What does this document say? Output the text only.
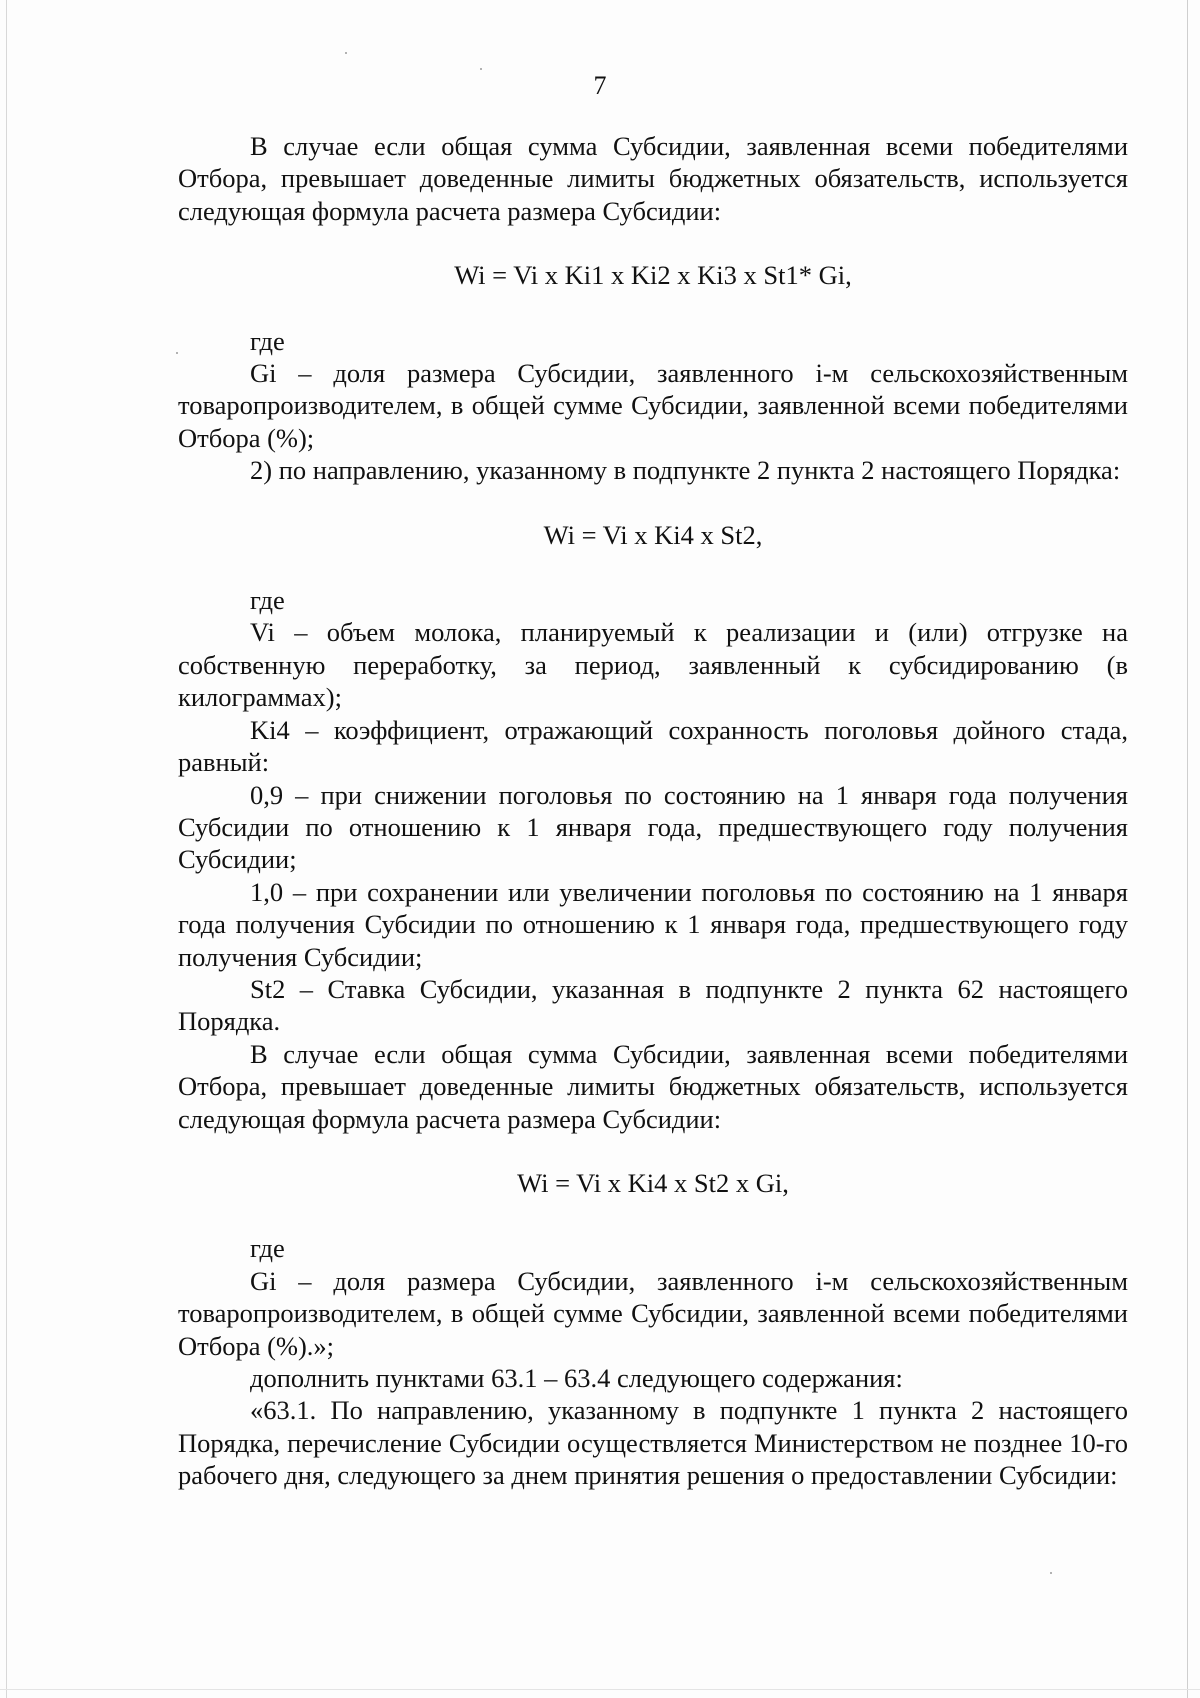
7

В случае если общая сумма Субсидии, заявленная всеми победителями Отбора, превышает доведенные лимиты бюджетных обязательств, используется следующая формула расчета размера Субсидии:

Wi = Vi x Ki1 x Ki2 x Ki3 x St1* Gi,

где

Gi – доля размера Субсидии, заявленного i-м сельскохозяйственным товаропроизводителем, в общей сумме Субсидии, заявленной всеми победителями Отбора (%);

2) по направлению, указанному в подпункте 2 пункта 2 настоящего Порядка:

Wi = Vi x Ki4 x St2,

где

Vi – объем молока, планируемый к реализации и (или) отгрузке на собственную переработку, за период, заявленный к субсидированию (в килограммах);

Ki4 – коэффициент, отражающий сохранность поголовья дойного стада, равный:

0,9 – при снижении поголовья по состоянию на 1 января года получения Субсидии по отношению к 1 января года, предшествующего году получения Субсидии;

1,0 – при сохранении или увеличении поголовья по состоянию на 1 января года получения Субсидии по отношению к 1 января года, предшествующего году получения Субсидии;

St2 – Ставка Субсидии, указанная в подпункте 2 пункта 62 настоящего Порядка.

В случае если общая сумма Субсидии, заявленная всеми победителями Отбора, превышает доведенные лимиты бюджетных обязательств, используется следующая формула расчета размера Субсидии:

Wi = Vi x Ki4 x St2 x Gi,

где

Gi – доля размера Субсидии, заявленного i-м сельскохозяйственным товаропроизводителем, в общей сумме Субсидии, заявленной всеми победителями Отбора (%).»;

дополнить пунктами 63.1 – 63.4 следующего содержания:

«63.1. По направлению, указанному в подпункте 1 пункта 2 настоящего Порядка, перечисление Субсидии осуществляется Министерством не позднее 10-го рабочего дня, следующего за днем принятия решения о предоставлении Субсидии:
